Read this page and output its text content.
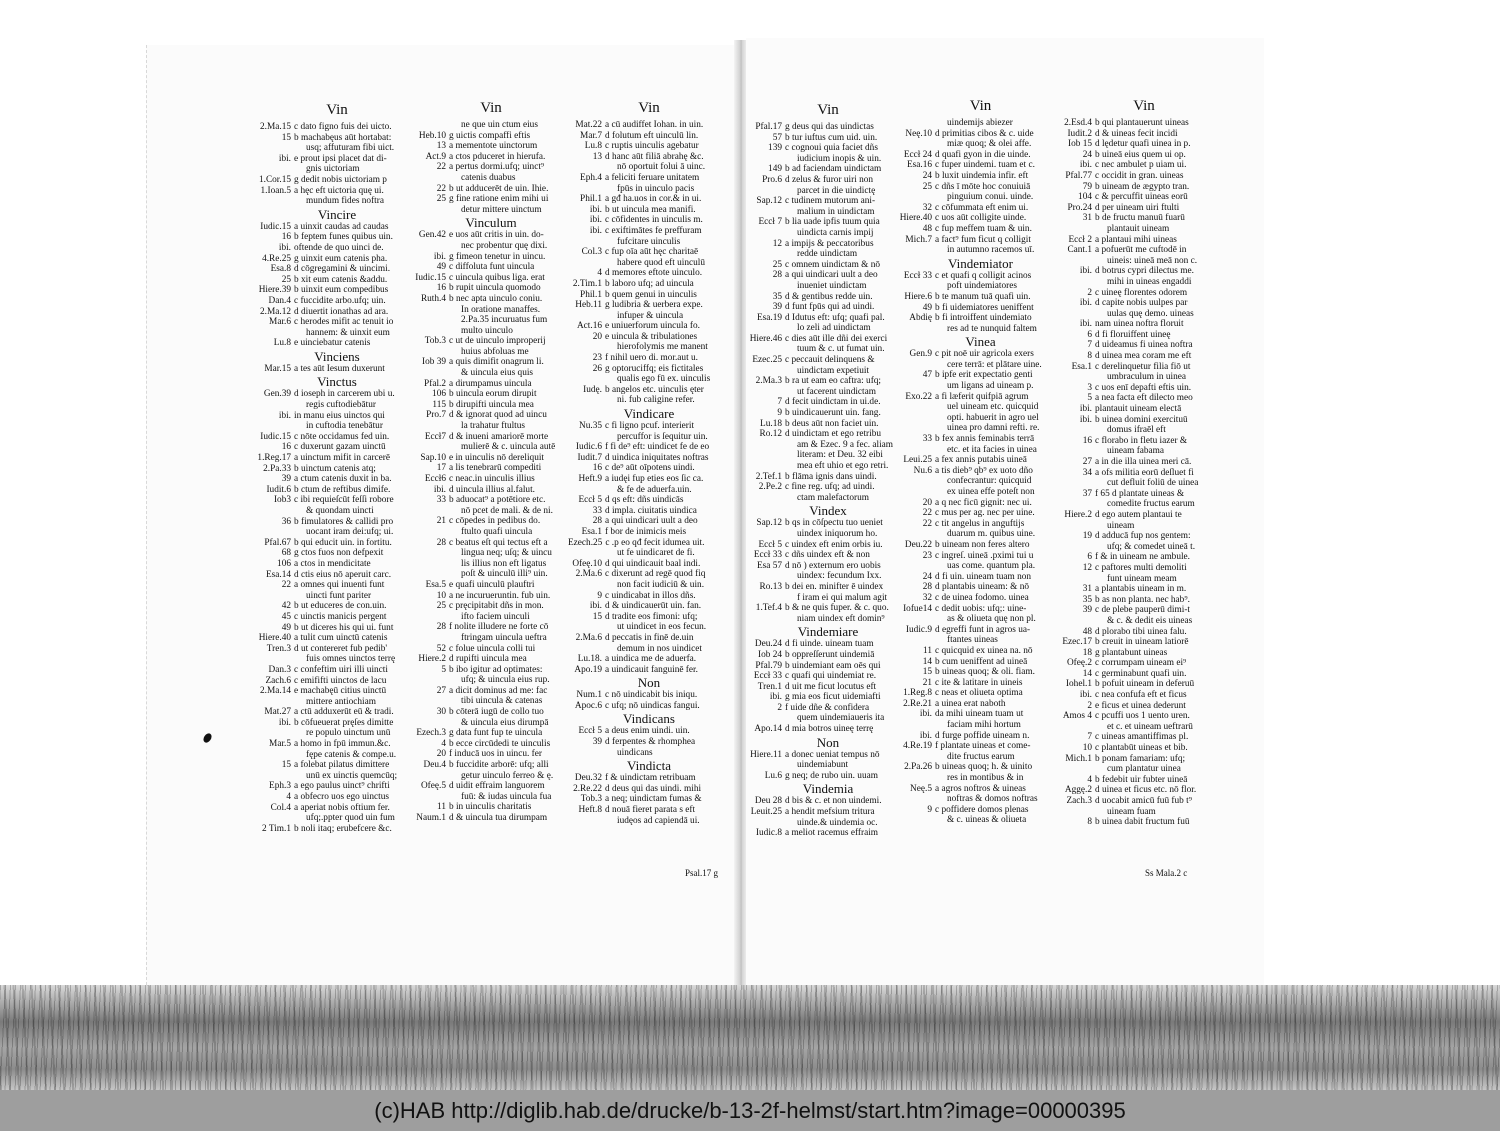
Vin
2.Ma.15 c dato figno fuis dei uicto.
15 b machabęus aūt hortabat:
usq; affuturam fibi uict.
ibi. e prout ipsi placet dat di-
gnis uictoriam
1.Cor.15 g dedit nobis uictoriam p
1.Ioan.5 a hęc eft uictoria quę ui.
mundum fides noftra
Vincire
Iudic.15 a uinxit caudas ad caudas
16 b feptem funes quibus uin.
ibi. oftende de quo uinci de.
4.Re.25 g uinxit eum catenis pha.
Esa.8 d cōgregamini & uincimi.
25 b xit eum catenis &addu.
Hiere.39 b uinxit eum compedibus
Dan.4 c fuccidite arbo.ufq; uin.
2.Ma.12 d diuertit ionathas ad ara.
Mar.6 c herodes mifit ac tenuit io
hannem: & uinxit eum
Lu.8 e uinciebatur catenis
Vinciens
Mar.15 a tes aūt Iesum duxerunt
Vinctus
Gen.39 d ioseph in carcerem ubi u.
regis cuftodiebātur
ibi. in manu eius uinctos qui
in cuftodia tenebātur
Iudic.15 c nōte occidamus fed uin.
16 c duxerunt gazam uinctū
1.Reg.17 a uinctum mifit in carcerē
2.Pa.33 b uinctum catenis atq;
39 a ctum catenis duxit in ba.
Iudit.6 b ctum de reftibus dimife.
Iob3 c ibi requieſcūt feſſi robore
& quondam uincti
36 b fimulatores & callidi pro
uocant iram dei:ufq; ui.
Pfal.67 b qui educit uin. in fortitu.
68 g ctos fuos non defpexit
106 a ctos in mendicitate
Esa.14 d ctis eius nō aperuit carc.
22 a omnes qui inuenti funt
uincti funt pariter
42 b ut educeres de con.uin.
45 c uinctis manicis pergent
49 b ut diceres his qui ui. funt
Hiere.40 a tulit cum uinctū catenis
Tren.3 d ut contereret fub pedib'
fuis omnes uinctos terrę
Dan.3 c confeftim uiri illi uincti
Zach.6 c emififti uinctos de lacu
2.Ma.14 e machabęū citius uinctū
mittere antiochiam
Mat.27 a ctū adduxerūt eū & tradi.
ibi. b cōfueuerat pręſes dimitte
re populo uinctum unū
Mar.5 a homo in fpū immun.&c.
fępe catenis & compe.u.
15 a folebat pilatus dimittere
unū ex uinctis quemcūq;
Eph.3 a ego paulus uinct⁹ chrifti
4 a obfecro uos ego uinctus
Col.4 a aperiat nobis oftium fer.
ufq;.ppter quod uin fum
2 Tim.1 b noli itaq; erubefcere &c.
Vin
ne que uin ctum eius
Heb.10 g uictis compaffi eftis
13 a mementote uinctorum
Act.9 a ctos pduceret in hierufa.
22 a pertus dormi.ufq; uinct⁹
catenis duabus
22 b ut adducerēt de uin. Ihie.
25 g fine ratione enim mihi ui
detur mittere uinctum
Vinculum
Gen.42 e uos aūt critis in uin. do-
nec probentur quę dixi.
ibi. g fimeon tenetur in uincu.
49 c diffoluta funt uincula
Iudic.15 c uincula quibus liga. erat
16 b rupit uincula quomodo
Ruth.4 b nec apta uinculo coniu.
In oratione manaffes.
2.Pa.35 incuruatus fum
multo uinculo
Tob.3 c ut de uinculo improperij
huius abfoluas me
Iob 39 a quis dimifit onagrum li.
& uincula eius quis
Pfal.2 a dirumpamus uincula
106 b uincula eorum dirupit
115 b dirupifti uincula mea
Pro.7 d & ignorat quod ad uincu
la trahatur ftultus
Eccł7 d & inueni amariorē morte
mulierē & c. uincula autē
Sap.10 e in uinculis nō dereliquit
17 a lis tenebrarū compediti
Eccł6 c neac.in uinculis illius
ibi. d uincula illius al.falut.
33 b aduocat⁹ a potētiore etc.
nō pcet de mali. & de ni.
21 c cōpedes in pedibus do.
ftulto quafi uincula
28 c beatus eſt qui tectus eft a
lingua neq; uſq; & uincu
lis illius non eft ligatus
poſt & uinculū illi⁹ uin.
Esa.5 e quafi uinculū plauftri
10 a ne incurueruntin. fub uin.
25 c pręcipitabit dñs in mon.
ifto faciem uinculi
28 f nolite illudere ne forte cō
ftringam uincula ueftra
52 c folue uincula colli tui
Hiere.2 d rupifti uincula mea
5 b ibo igitur ad optimates:
ufq; & uincula eius rup.
27 a dicit dominus ad me: fac
tibi uincula & catenas
30 b cōterā iugū de collo tuo
& uincula eius dirumpā
Ezech.3 g data funt fup te uincula
4 b ecce circūdedi te uinculis
20 f inducā uos in uincu. fer
Deu.4 b fuccidite arborē: ufq; alli
getur uinculo ferreo & ę.
Ofeę.5 d uidit effraim languorem
fuū: & iudas uincula fua
11 b in uinculis charitatis
Naum.1 d & uincula tua dirumpam
Vin
Mat.22 a cū audiffet Iohan. in uin.
Mar.7 d folutum eft uinculū lin.
Lu.8 c ruptis uinculis agebatur
13 d hanc aūt filiā abrahę &c.
nō oportuit folui ā uinc.
Eph.4 a feliciti feruare unitatem
fpūs in uinculo pacis
Phil.1 a gđ ha.uos in cor.& in ui.
ibi. b ut uincula mea manifi.
ibi. c cōfidentes in uinculis m.
ibi. c exiftimātes fe preffuram
fufcitare uinculis
Col.3 c fup oīa aūt hęc charitaē
habere quod eft uinculū
4 d memores eftote uinculo.
2.Tim.1 b laboro ufq; ad uincula
Phil.1 b quem genui in uinculis
Heb.11 g ludibria & uerbera expe.
infuper & uincula
Act.16 e uniuerforum uincula fo.
20 e uincula & tribulationes
hierofolymis me manent
23 f nihil uero di. mor.aut u.
26 g optoruciffq; eis fictitales
qualis ego fū ex. uinculis
Iudę. b angelos etc. uinculis ęter
ni. fub caligine refer.
Vindicare
Nu.35 c fi ligno pcuf. interierit
percuffor is ſequitur uin.
Iudic.6 f fi de⁹ eft: uindicet fe de eo
Iudit.7 d uindica iniquitates noftras
16 c de⁹ aūt oīpotens uindi.
Heft.9 a iudęi fup eties eos ſic ca.
& fe de aduerfa.uin.
Eccł 5 d qs eft: dñs uindicās
33 d impla. ciuitatis uindica
28 a qui uindicari uult a deo
Esa.1 f bor de inimicis meis
Ezech.25 c .p eo qđ fecit idumea uit.
ut fe uindicaret de fi.
Ofeę.10 d qui uindicauit baal indi.
2.Ma.6 c dixerunt ad regē quod fiq
non facit iudiciū & uin.
9 c uindicabat in illos dñs.
ibi. d & uindicauerūt uin. fan.
15 d tradite eos fimoni: ufq;
ut uindicet in eos fecun.
2.Ma.6 d peccatis in finē de.uin
demum in nos uindicet
Lu.18. a uindica me de aduerfa.
Apo.19 a uindicauit fanguinē fer.
Non
Num.1 c nō uindicabit bis iniqu.
Apoc.6 c ufq; nō uindicas fangui.
Vindicans
Eccł 5 a deus enim uindi. uin.
39 d ferpentes & rhomphea
uindicans
Vindicta
Deu.32 f & uindictam retribuam
2.Re.22 d deus qui das uindi. mihi
Tob.3 a neq; uindictam fumas &
Heft.8 d nouā fieret parata s eft
iudęos ad capiendā ui.
Vin
Pfal.17 g deus qui das uindictas
57 b tur iuftus cum uid. uin.
139 c cognoui quia faciet dñs
iudicium inopis & uin.
149 b ad faciendam uindictam
Pro.6 d zelus & furor uiri non
parcet in die uindictę
Sap.12 c tudinem mutorum ani-
malium in uindictam
Eccł 7 b lia uade ipfis tuum quia
uindicta carnis impij
12 a impijs & peccatoribus
redde uindictam
25 c omnem uindictam & nō
28 a qui uindicari uult a deo
inueniet uindictam
35 d & gentibus redde uin.
39 d funt fpūs qui ad uindi.
Esa.19 d Idutus eft: ufq; quafi pal.
lo zeli ad uindictam
Hiere.46 c dies aūt ille dñi dei exerci
tuum & c. ut fumat uin.
Ezec.25 c peccauit delinquens &
uindictam expetiuit
2.Ma.3 b ra ut eam eo caftra: ufq;
ut facerent uindictam
7 d fecit uindictam in ui.de.
9 b uindicauerunt uin. fang.
Lu.18 b deus aūt non faciet uin.
Ro.12 d uindictam et ego retribu
am & Ezec. 9 a fec. aliam
literam: et Deu. 32 eibi
mea eft uhio et ego retri.
2.Tef.1 b flāma ignis dans uindi.
2.Pe.2 c fine reg. ufq; ad uindi.
ctam malefactorum
Vindex
Sap.12 b qs in cōſpectu tuo ueniet
uindex iniquorum ho.
Eccł 5 c uindex eft enim orbis iu.
Eccł 33 c dñs uindex eft & non
Esa 57 d nō ) externum ero uobis
uindex: fecundum Ixx.
Ro.13 b dei en. minifter ē uindex
f iram ei qui malum agit
1.Tef.4 b & ne quis fuper. & c. quo.
niam uindex eft domin⁹
Vindemiare
Deu.24 d fi uinde. uineam tuam
Iob 24 b oppreſſerunt uindemiā
Pfal.79 b uindemiant eam oēs qui
Eccł 33 c quafi qui uindemiat re.
Tren.1 d uit me ficut locutus eft
ibi. g mia eos ficut uidemiafti
2 f uide dñe & confidera
quem uindemiaueris ita
Apo.14 d mia botros uineę terrę
Non
Hiere.11 a donec ueniat tempus nō
uindemiabunt
Lu.6 g neq; de rubo uin. uuam
Vindemia
Deu 28 d bis & c. et non uindemi.
Leuit.25 a hendit mefsium tritura
uinde.& uindemia oc.
Iudic.8 a meliot racemus effraim
Vin
uindemijs abiezer
Neę.10 d primitias cibos & c. uide
miæ quoq; & olei affe.
Eccł 24 d quafi gyon in die uinde.
Esa.16 c fuper uindemi. tuam et c.
24 b luxit uindemia infir. eft
25 c dñs ī mōte hoc conuiuiā
pinguium conui. uinde.
32 c cōfummata eft enim ui.
Hiere.40 c uos aūt colligite uinde.
48 c fup meffem tuam & uin.
Mich.7 a fact⁹ fum ficut q colligit
in autumno racemos uī.
Vindemiator
Eccł 33 c et quafi q colligit acinos
poft uindemiatores
Hiere.6 b te manum tuā quafi uin.
49 b fi uidemiatores ueniffent
Abdię b fi introiffent uindemiato
res ad te nunquid faltem
Vinea
Gen.9 c pit noē uir agricola exers
cere terrā: et plātare uine.
47 b ipfe erit expectatio genti
um ligans ad uineam p.
Exo.22 a fi læferit quifpiā agrum
uel uineam etc. quicquid
opti. habuerit in agro uel
uinea pro damni refti. re.
33 b fex annis feminabis terrā
etc. et ita facies in uinea
Leui.25 a fex annis putabis uineā
Nu.6 a tis dieb⁹ qb⁹ ex uoto dño
confecrantur: quicquid
ex uinea effe poteſt non
20 a q nec ficū gignit: nec ui.
22 c mus per ag. nec per uine.
22 c tit angelus in anguftijs
duarum m. quibus uine.
Deu.22 b uineam non feres altero
23 c ingreſ. uineā .pximi tui u
uas come. quantum pla.
24 d fi uin. uineam tuam non
28 d plantabis uineam: & nō
32 c de uinea fodomo. uinea
Iofue14 c dedit uobis: ufq;: uine-
as & oliueta quę non pl.
Iudic.9 d egreffi funt in agros ua-
ftantes uineas
11 c quicquid ex uinea na. nō
14 b cum ueniffent ad uineā
15 b uineas quoq; & oli. fiam.
21 c ite & latitare in uineis
1.Reg.8 c neas et oliueta optima
2.Re.21 a uinea erat naboth
ibi. da mihi uineam tuam ut
faciam mihi hortum
ibi. d furge poffide uineam n.
4.Re.19 f plantate uineas et come-
dite fructus earum
2.Pa.26 b uineas quoq; h. & uinito
res in montibus & in
Neę.5 a agros noftros & uineas
noftras & domos noftras
9 c poffidere domos plenas
& c. uineas & oliueta
Vin
2.Esd.4 b qui plantauerunt uineas
Iudit.2 d & uineas fecit incidi
Iob 15 d lędetur quafi uinea in p.
24 b uineā eius quem ui op.
ibi. c nec ambulet p uiam ui.
Pfal.77 c occidit in gran. uineas
79 b uineam de ægypto tran.
104 c & percuffit uineas eorū
Pro.24 d per uineam uiri ftulti
31 b de fructu manuū fuarū
plantauit uineam
Eccł 2 a plantaui mihi uineas
Cant.1 a pofuerūt me cuftodē in
uineis: uineā meā non c.
ibi. d botrus cypri dilectus me.
mihi in uineas engaddi
2 c uineę florentes odorem
ibi. d capite nobis uulpes par
uulas quę demo. uineas
ibi. nam uinea noftra floruit
6 d fi floruiffent uineę
7 d uideamus fi uinea noftra
8 d uinea mea coram me eft
Esa.1 c derelinquetur filia fiō ut
umbraculum in uinea
3 c uos enī depafti eftis uin.
5 a nea facta eft dilecto meo
ibi. plantauit uineam electā
ibi. b uinea domini exercituū
domus ifraēl eft
16 c florabo in fletu iazer &
uineam fabama
27 a in die illa uinea meri cā.
34 a ofs militia eorū deſluet fi
cut defluit foliū de uinea
37 f 65 d plantate uineas &
comedite fructus earum
Hiere.2 d ego autem plantaui te
uineam
19 d adducā fup nos gentem:
ufq; & comedet uineā t.
6 f & in uineam ne ambule.
12 c paftores multi demoliti
funt uineam meam
31 a plantabis uineam in m.
35 b as non planta. nec hab⁹.
39 c de plebe pauperū dimi-t
& c. & dedit eis uineas
48 d plorabo tibi uinea falu.
Ezec.17 b creuit in uineam latiorē
18 g plantabunt uineas
Ofeę.2 c corrumpam uineam ei⁹
14 c germinabunt quafi uin.
Iohel.1 b pofuit uineam in deferuū
ibi. c nea confufa eft et ficus
2 e ficus et uinea dederunt
Amos 4 c pcuffi uos 1 uento uren.
et c. et uineam ueftrarū
7 c uineas amantiffimas pl.
10 c plantabūt uineas et bib.
Mich.1 b ponam famariam: ufq;
cum plantatur uinea
4 b fedebit uir fubter uineā
Aggę.2 d uinea et ficus etc. nō flor.
Zach.3 d uocabit amicū fuū fub t⁹
uineam fuam
8 b uinea dabit fructum fuū
Psal.17 g	Ss Mala.2 c
(c)HAB http://diglib.hab.de/drucke/b-13-2f-helmst/start.htm?image=00000395
